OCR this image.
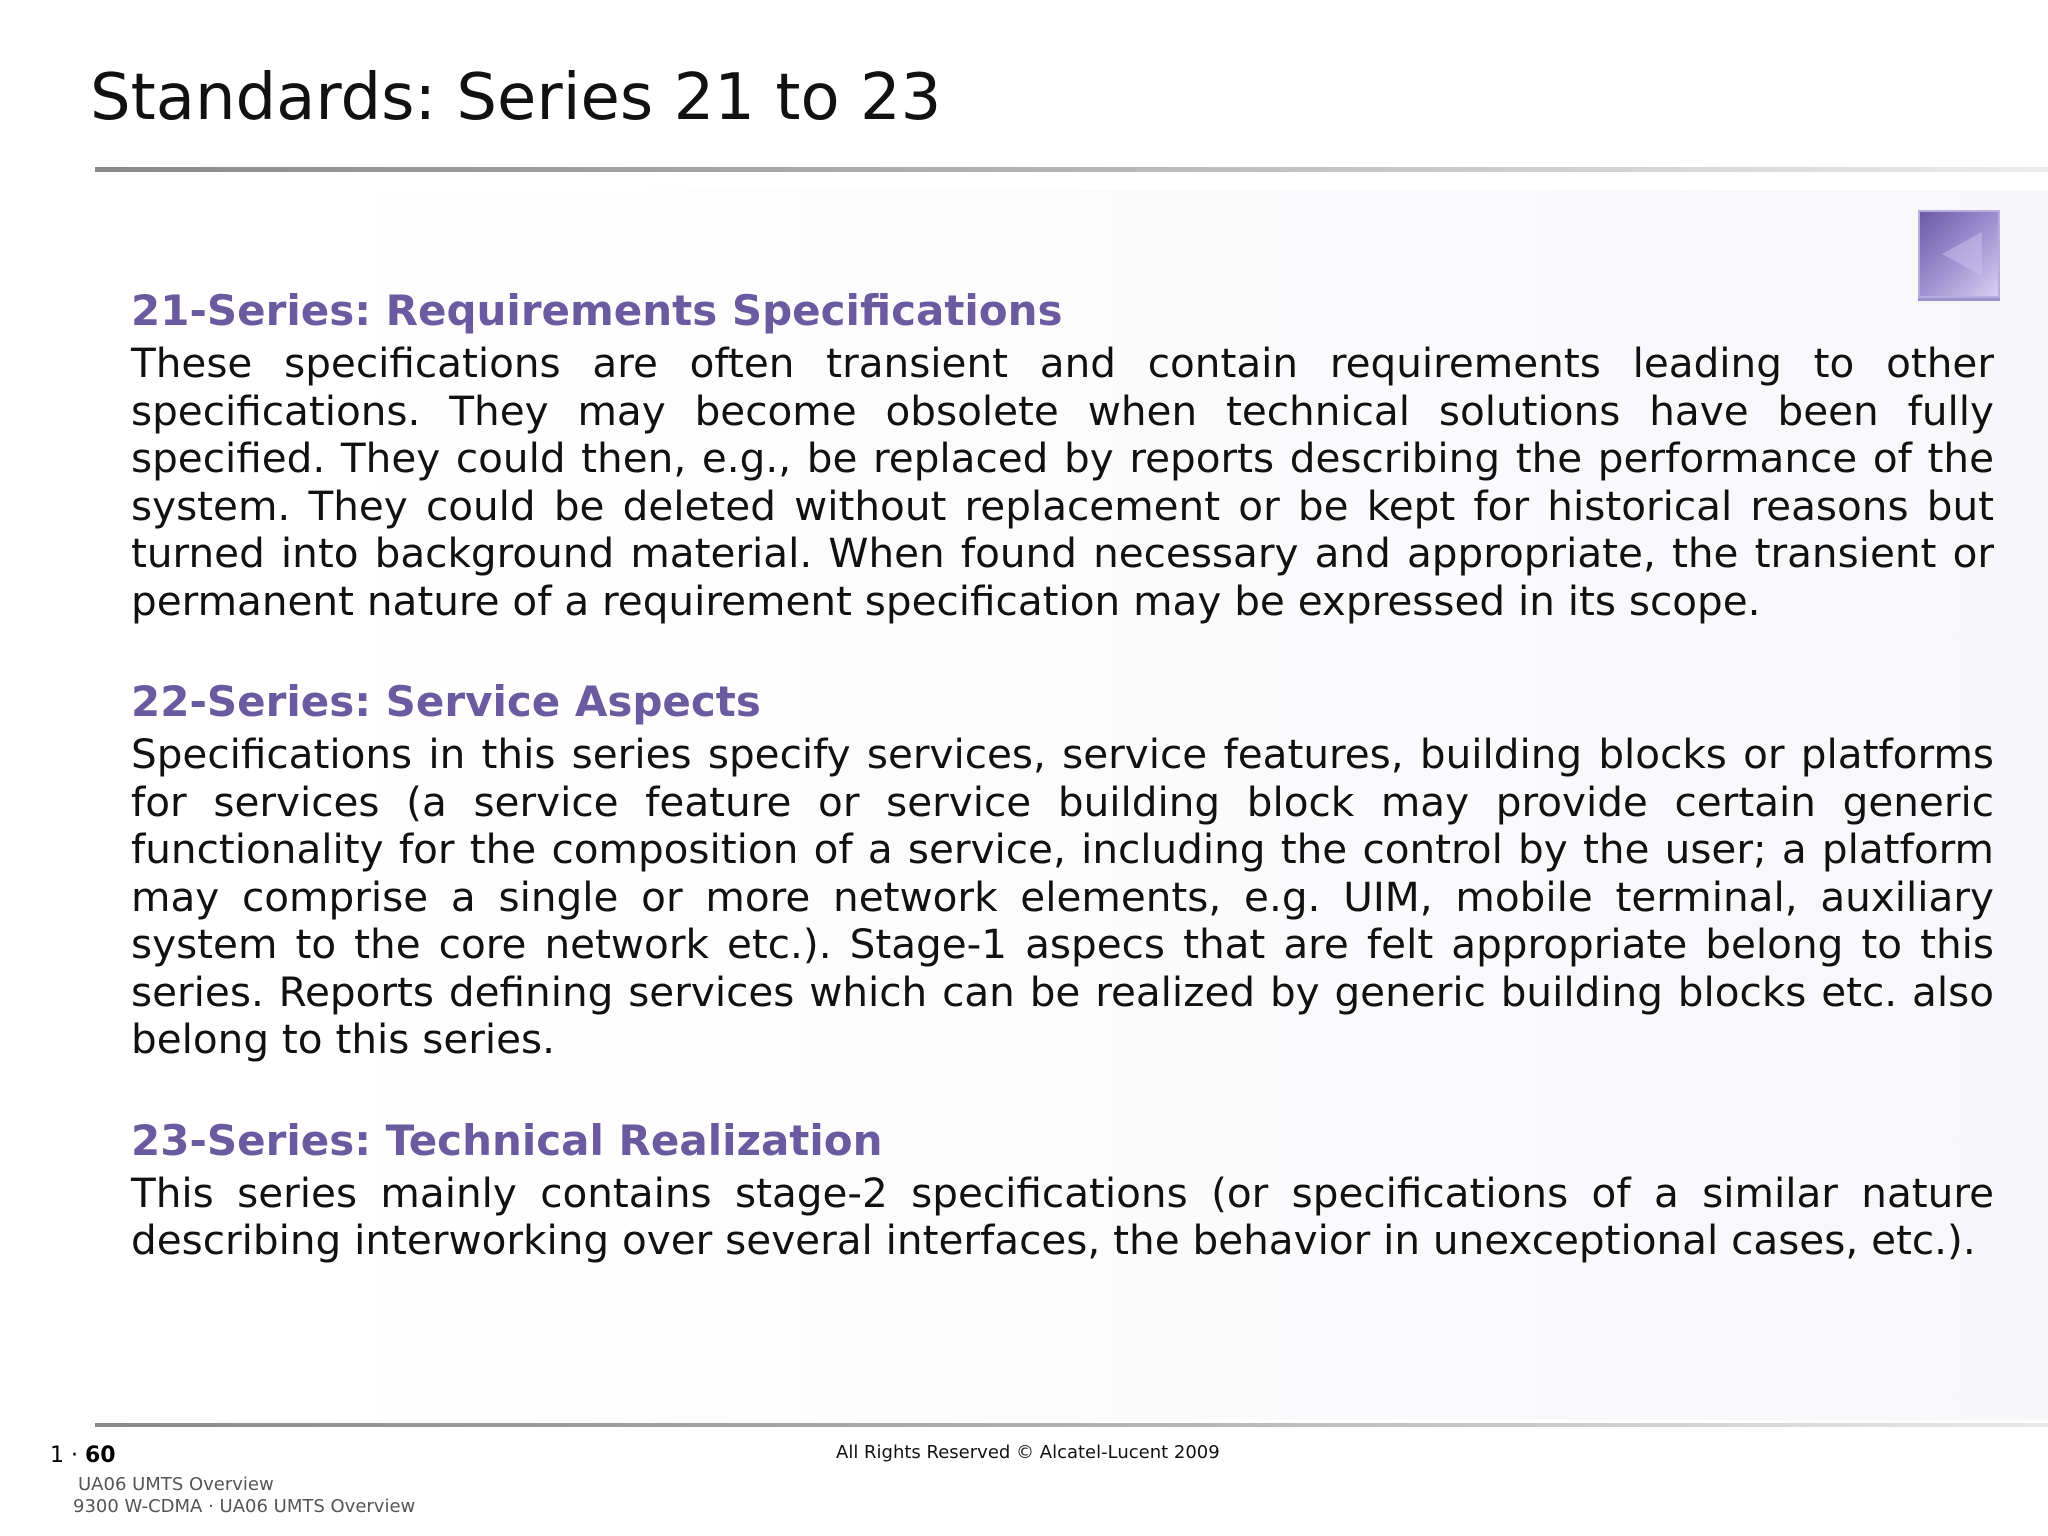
Standards: Series 21 to 23
21-Series: Requirements Specifications
These specifications are often transient and contain requirements leading to other specifications. They may become obsolete when technical solutions have been fully specified. They could then, e.g., be replaced by reports describing the performance of the system. They could be deleted without replacement or be kept for historical reasons but turned into background material. When found necessary and appropriate, the transient or permanent nature of a requirement specification may be expressed in its scope.
22-Series: Service Aspects
Specifications in this series specify services, service features, building blocks or platforms for services (a service feature or service building block may provide certain generic functionality for the composition of a service, including the control by the user; a platform may comprise a single or more network elements, e.g. UIM, mobile terminal, auxiliary system to the core network etc.). Stage-1 aspecs that are felt appropriate belong to this series. Reports defining services which can be realized by generic building blocks etc. also belong to this series.
23-Series: Technical Realization
This series mainly contains stage-2 specifications (or specifications of a similar nature describing interworking over several interfaces, the behavior in unexceptional cases, etc.).
1 · 60	All Rights Reserved © Alcatel-Lucent 2009
UA06 UMTS Overview
9300 W-CDMA · UA06 UMTS Overview
